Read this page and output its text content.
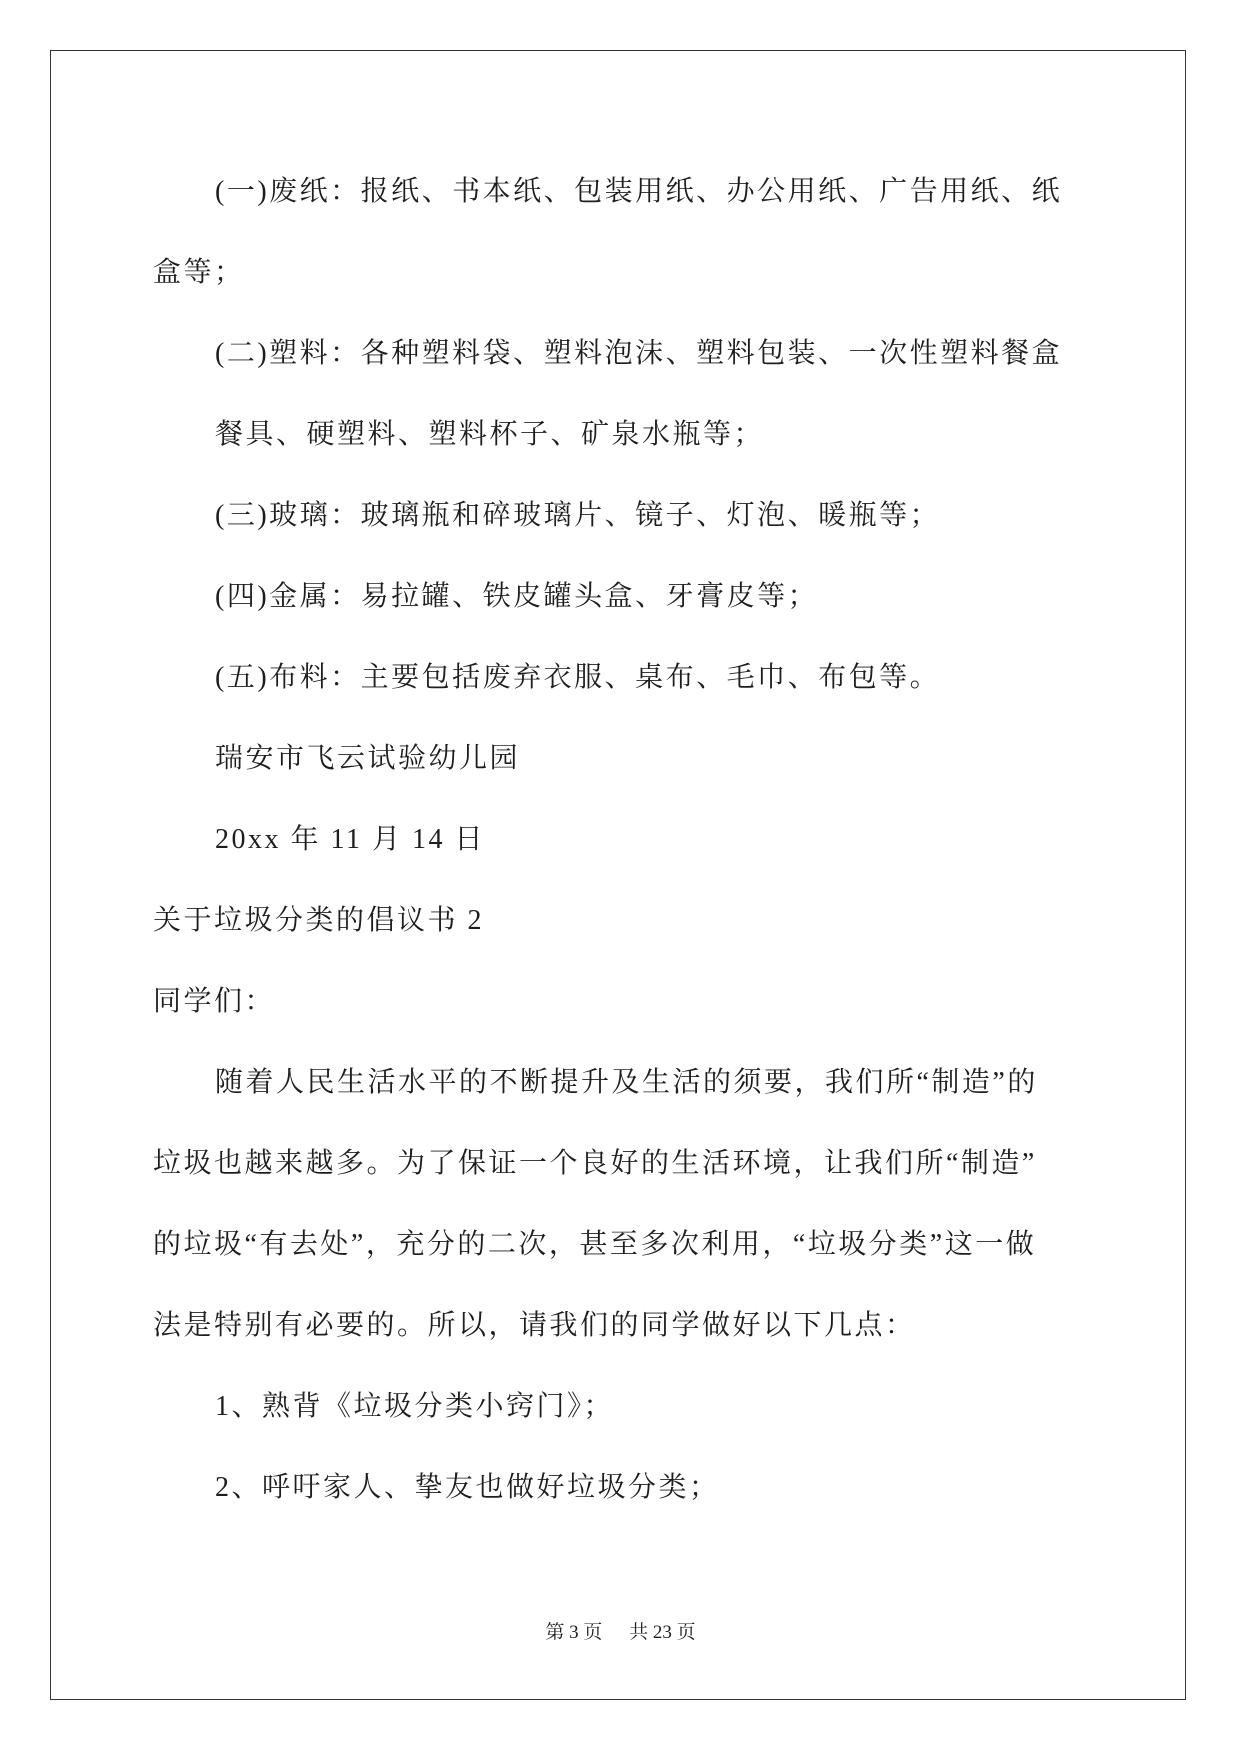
(一)废纸：报纸、书本纸、包装用纸、办公用纸、广告用纸、纸
盒等；
(二)塑料：各种塑料袋、塑料泡沫、塑料包装、一次性塑料餐盒
餐具、硬塑料、塑料杯子、矿泉水瓶等；
(三)玻璃：玻璃瓶和碎玻璃片、镜子、灯泡、暖瓶等；
(四)金属：易拉罐、铁皮罐头盒、牙膏皮等；
(五)布料：主要包括废弃衣服、桌布、毛巾、布包等。
瑞安市飞云试验幼儿园
20xx 年 11 月 14 日
关于垃圾分类的倡议书 2
同学们：
随着人民生活水平的不断提升及生活的须要，我们所“制造”的
垃圾也越来越多。为了保证一个良好的生活环境，让我们所“制造”
的垃圾“有去处”，充分的二次，甚至多次利用，“垃圾分类”这一做
法是特别有必要的。所以，请我们的同学做好以下几点：
1、熟背《垃圾分类小窍门》；
2、呼吁家人、挚友也做好垃圾分类；
第 3 页 共 23 页
